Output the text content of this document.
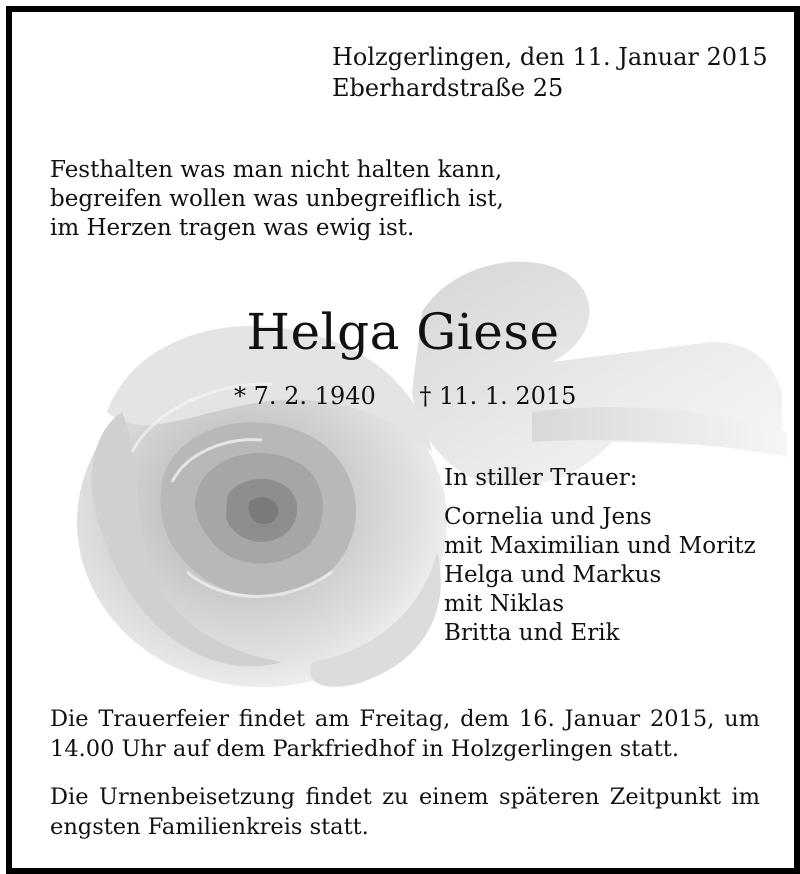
Holzgerlingen, den 11. Januar 2015
Eberhardstraße 25
Festhalten was man nicht halten kann,
begreifen wollen was unbegreiflich ist,
im Herzen tragen was ewig ist.
Helga Giese
* 7. 2. 1940 † 11. 1. 2015
In stiller Trauer:
Cornelia und Jens
mit Maximilian und Moritz
Helga und Markus
mit Niklas
Britta und Erik

Die Trauerfeier findet am Freitag, dem 16. Januar 2015, um 14.00 Uhr auf dem Parkfriedhof in Holzgerlingen statt.

Die Urnenbeisetzung findet zu einem späteren Zeitpunkt im engsten Familienkreis statt.
